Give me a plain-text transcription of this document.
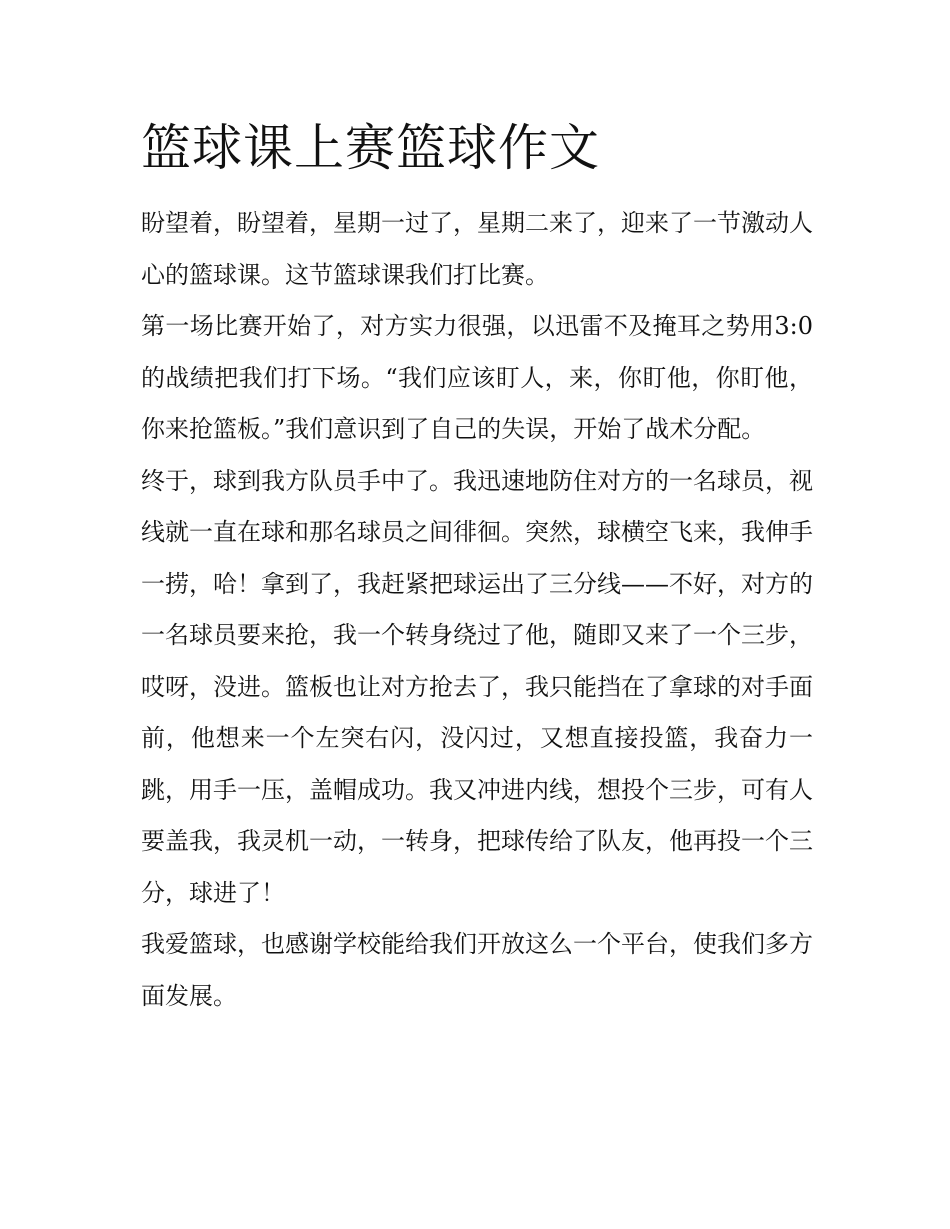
篮球课上赛篮球作文

盼望着，盼望着，星期一过了，星期二来了，迎来了一节激动人心的篮球课。这节篮球课我们打比赛。

第一场比赛开始了，对方实力很强，以迅雷不及掩耳之势用3:0的战绩把我们打下场。“我们应该盯人，来，你盯他，你盯他，你来抢篮板。”我们意识到了自己的失误，开始了战术分配。

终于，球到我方队员手中了。我迅速地防住对方的一名球员，视线就一直在球和那名球员之间徘徊。突然，球横空飞来，我伸手一捞，哈！拿到了，我赶紧把球运出了三分线——不好，对方的一名球员要来抢，我一个转身绕过了他，随即又来了一个三步，哎呀，没进。篮板也让对方抢去了，我只能挡在了拿球的对手面前，他想来一个左突右闪，没闪过，又想直接投篮，我奋力一跳，用手一压，盖帽成功。我又冲进内线，想投个三步，可有人要盖我，我灵机一动，一转身，把球传给了队友，他再投一个三分，球进了！

我爱篮球，也感谢学校能给我们开放这么一个平台，使我们多方面发展。
